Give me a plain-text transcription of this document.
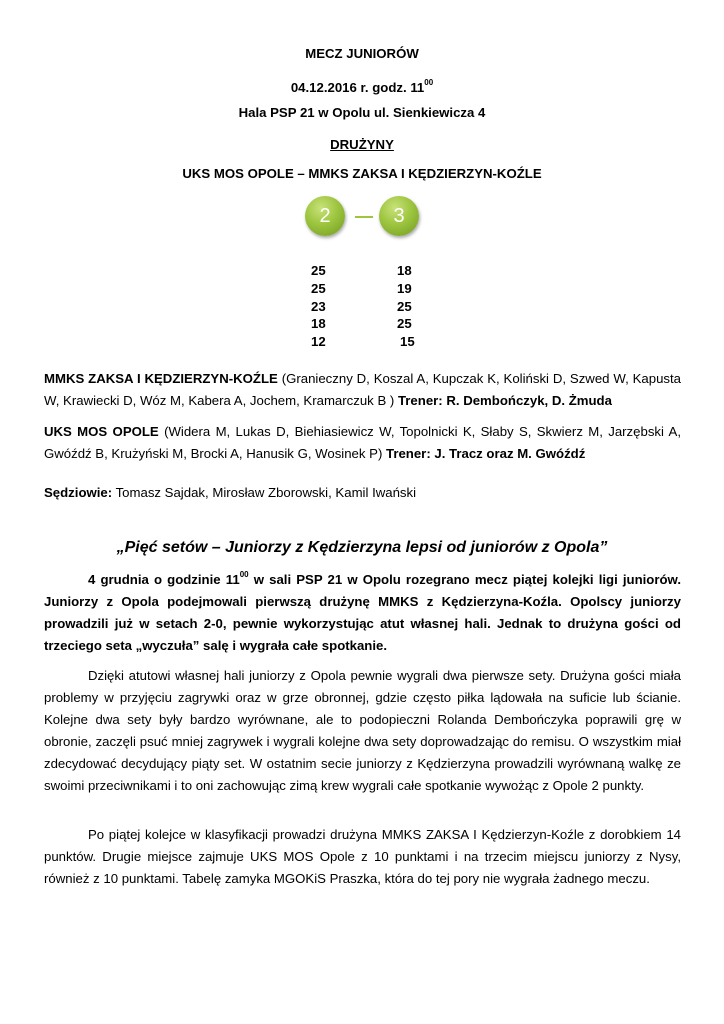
MECZ JUNIORÓW
04.12.2016 r. godz. $11^{00}$
Hala PSP 21 w Opolu ul. Sienkiewicza 4
DRUŻYNY
UKS MOS OPOLE – MMKS ZAKSA I KĘDZIERZYN-KOŹLE
2	3
25
25
23
18
12
18
19
25
25
15
MMKS ZAKSA I KĘDZIERZYN-KOŹLE (Granieczny D, Koszal A, Kupczak K, Koliński D, Szwed W, Kapusta W, Krawiecki D, Wóz M, Kabera A, Jochem, Kramarczuk B ) Trener: R. Dembończyk, D. Żmuda
UKS MOS OPOLE (Widera M, Lukas D, Biehiasiewicz W, Topolnicki K, Słaby S, Skwierz M, Jarzębski A, Gwóźdź B, Krużyński M, Brocki A, Hanusik G, Wosinek P) Trener: J. Tracz oraz M. Gwóźdź
Sędziowie: Tomasz Sajdak, Mirosław Zborowski, Kamil Iwański
„Pięć setów – Juniorzy z Kędzierzyna lepsi od juniorów z Opola”
4 grudnia o godzinie $11^{00}$ w sali PSP 21 w Opolu rozegrano mecz piątej kolejki ligi juniorów. Juniorzy z Opola podejmowali pierwszą drużynę MMKS z Kędzierzyna-Koźla. Opolscy juniorzy prowadzili już w setach 2-0, pewnie wykorzystując atut własnej hali. Jednak to drużyna gości od trzeciego seta „wyczuła” salę i wygrała całe spotkanie.
Dzięki atutowi własnej hali juniorzy z Opola pewnie wygrali dwa pierwsze sety. Drużyna gości miała problemy w przyjęciu zagrywki oraz w grze obronnej, gdzie często piłka lądowała na suficie lub ścianie. Kolejne dwa sety były bardzo wyrównane, ale to podopieczni Rolanda Dembończyka poprawili grę w obronie, zaczęli psuć mniej zagrywek i wygrali kolejne dwa sety doprowadzając do remisu. O wszystkim miał zdecydować decydujący piąty set. W ostatnim secie juniorzy z Kędzierzyna prowadzili wyrównaną walkę ze swoimi przeciwnikami i to oni zachowując zimą krew wygrali całe spotkanie wywożąc z Opole 2 punkty.
Po piątej kolejce w klasyfikacji prowadzi drużyna MMKS ZAKSA I Kędzierzyn-Koźle z dorobkiem 14 punktów. Drugie miejsce zajmuje UKS MOS Opole z 10 punktami i na trzecim miejscu juniorzy z Nysy, również z 10 punktami. Tabelę zamyka MGOKiS Praszka, która do tej pory nie wygrała żadnego meczu.
